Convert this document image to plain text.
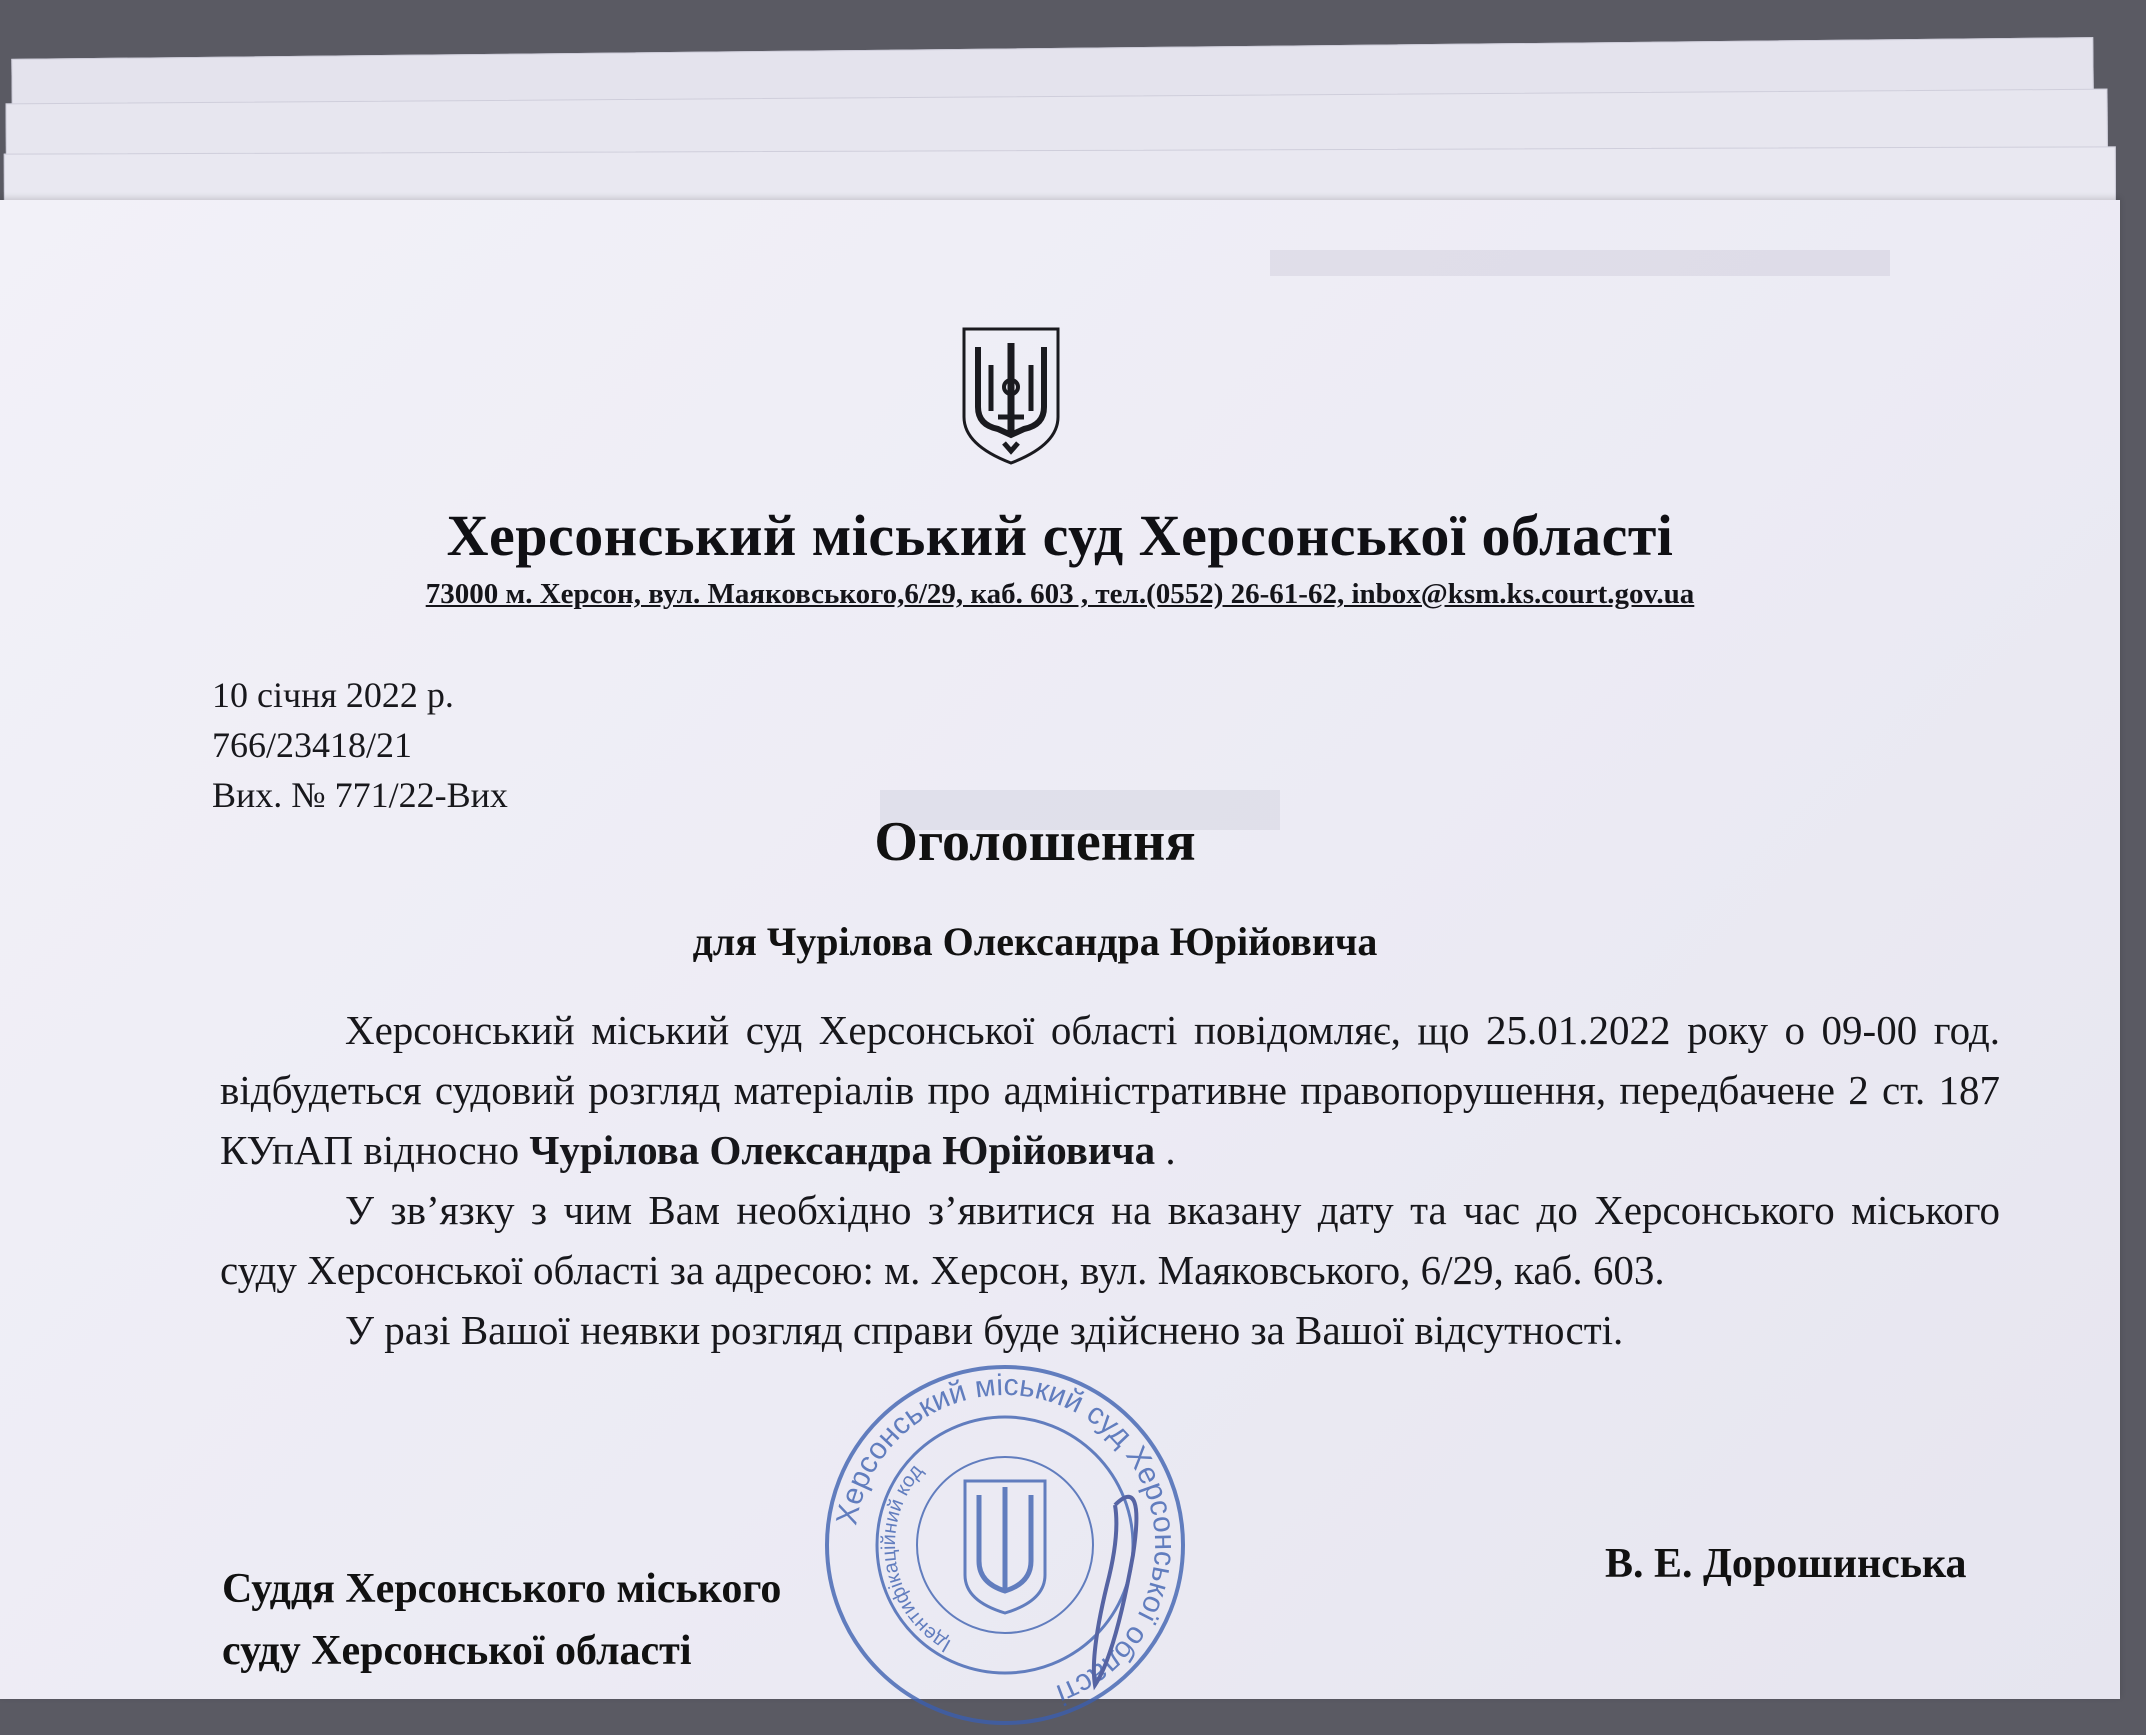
Херсонський міський суд Херсонської області
73000 м. Херсон, вул. Маяковського,6/29, каб. 603 , тел.(0552) 26-61-62, inbox@ksm.ks.court.gov.ua
10 січня 2022 р.
766/23418/21
Вих. № 771/22-Вих
Оголошення
для Чурілова Олександра Юрійовича

Херсонський міський суд Херсонської області повідомляє, що 25.01.2022 року о 09-00 год. відбудеться судовий розгляд матеріалів про адміністративне правопорушення, передбачене 2 ст. 187 КУпАП відносно Чурілова Олександра Юрійовича .

У зв’язку з чим Вам необхідно з’явитися на вказану дату та час до Херсонського міського суду Херсонської області за адресою: м. Херсон, вул. Маяковського, 6/29, каб. 603.

У разі Вашої неявки розгляд справи буде здійснено за Вашої відсутності.

Суддя Херсонського міського
суду Херсонської області
В. Е. Дорошинська
Херсонський міський суд Херсонської області
Ідентифікаційний код
